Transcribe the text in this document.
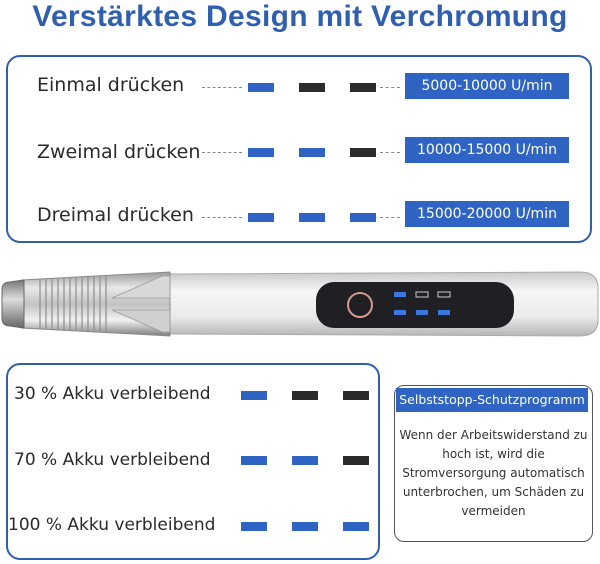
Verstärktes Design mit Verchromung
Einmal drücken	5000-10000 U/min
Zweimal drücken	10000-15000 U/min
Dreimal drücken	15000-20000 U/min
30 % Akku verbleibend
70 % Akku verbleibend
100 % Akku verbleibend
Selbststopp-Schutzprogramm
Wenn der Arbeitswiderstand zu hoch ist, wird die Stromversorgung automatisch unterbrochen, um Schäden zu vermeiden
